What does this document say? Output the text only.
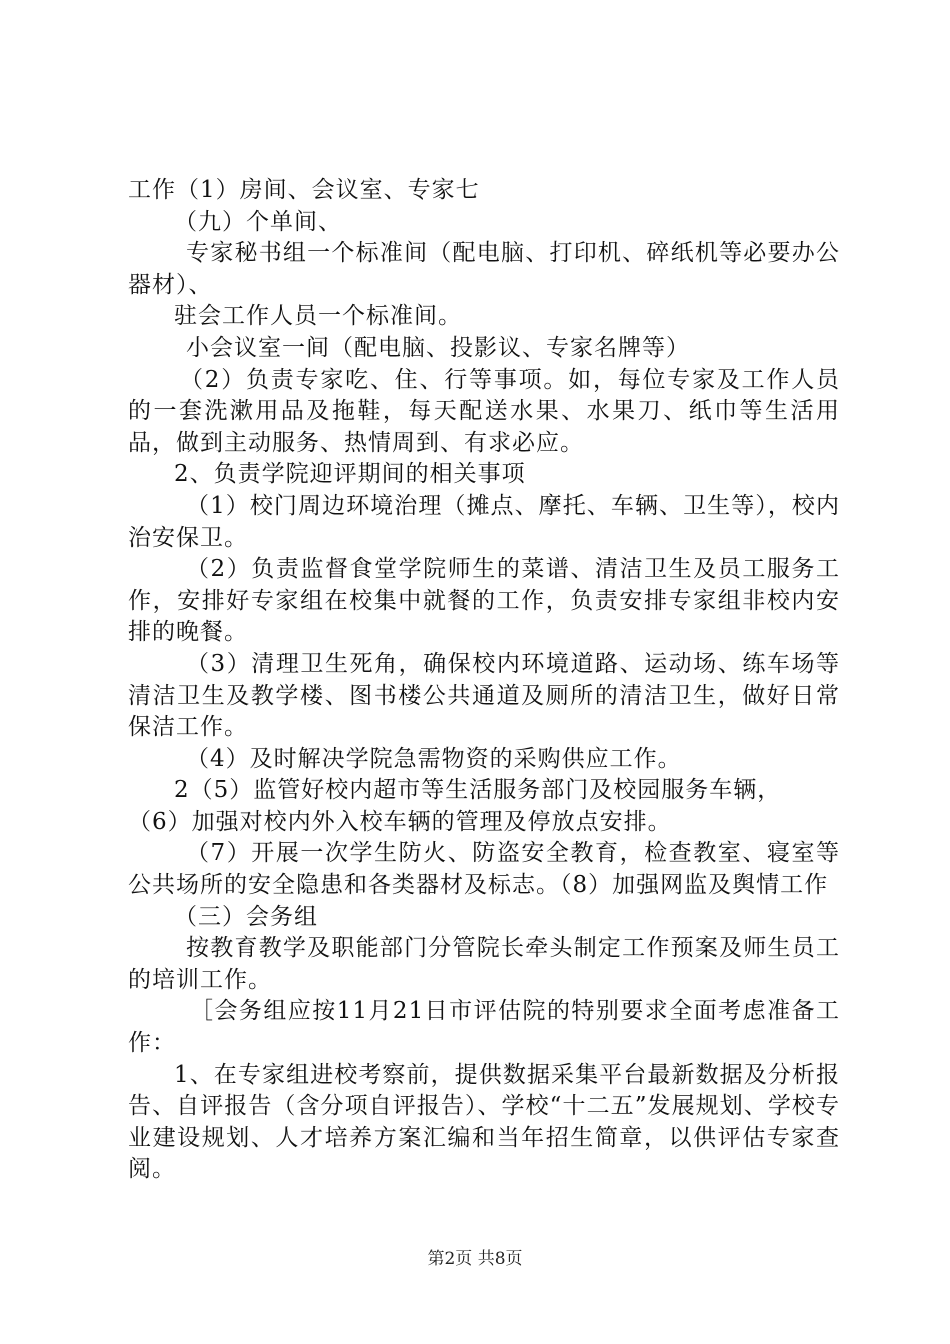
工作（1）房间、会议室、专家七

（九）个单间、

专家秘书组一个标准间（配电脑、打印机、碎纸机等必要办公器材）、

驻会工作人员一个标准间。

小会议室一间（配电脑、投影议、专家名牌等）

（2）负责专家吃、住、行等事项。如，每位专家及工作人员的一套洗漱用品及拖鞋，每天配送水果、水果刀、纸巾等生活用品，做到主动服务、热情周到、有求必应。

2、负责学院迎评期间的相关事项

（1）校门周边环境治理（摊点、摩托、车辆、卫生等），校内治安保卫。

（2）负责监督食堂学院师生的菜谱、清洁卫生及员工服务工作，安排好专家组在校集中就餐的工作，负责安排专家组非校内安排的晚餐。

（3）清理卫生死角，确保校内环境道路、运动场、练车场等清洁卫生及教学楼、图书楼公共通道及厕所的清洁卫生，做好日常保洁工作。

（4）及时解决学院急需物资的采购供应工作。

2（5）监管好校内超市等生活服务部门及校园服务车辆，

（6）加强对校内外入校车辆的管理及停放点安排。

（7）开展一次学生防火、防盗安全教育，检查教室、寝室等公共场所的安全隐患和各类器材及标志。（8）加强网监及舆情工作

（三）会务组

按教育教学及职能部门分管院长牵头制定工作预案及师生员工的培训工作。

［会务组应按11月21日市评估院的特别要求全面考虑准备工作：

1、在专家组进校考察前，提供数据采集平台最新数据及分析报告、自评报告（含分项自评报告）、学校“十二五”发展规划、学校专业建设规划、人才培养方案汇编和当年招生简章，以供评估专家查阅。

第2页 共8页
